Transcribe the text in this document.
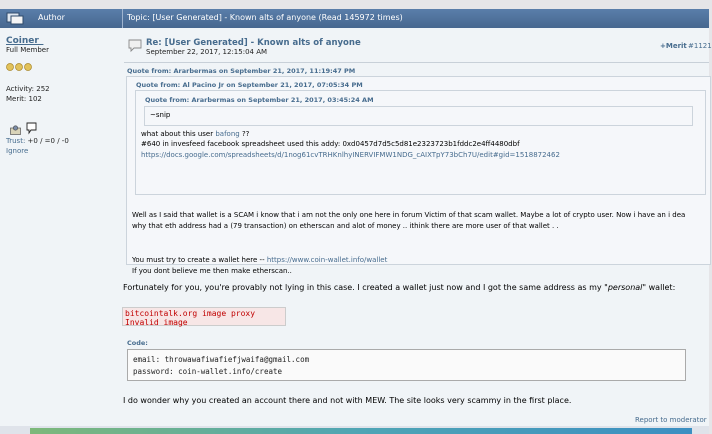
Author	Topic: [User Generated] - Known alts of anyone (Read 145972 times)
Coiner_
Full Member
Activity: 252
Merit: 102
Trust: +0 / =0 / -0
Ignore
Re: [User Generated] - Known alts of anyone
September 22, 2017, 12:15:04 AM
+Merit #1121
Quote from: Ararbermas on September 21, 2017, 11:19:47 PM
Quote from: Al Pacino Jr on September 21, 2017, 07:05:34 PM
Quote from: Ararbermas on September 21, 2017, 03:45:24 AM
~snip
what about this user bafong ??
#640 in invesfeed facebook spreadsheet used this addy: 0xd0457d7d5c5d81e2323723b1fddc2e4ff4480dbf
https://docs.google.com/spreadsheets/d/1nog61cvTRHKnlhyINERVIFMW1NDG_cAIXTpY73bCh7U/edit#gid=1518872462
Well as I said that wallet is a SCAM i know that i am not the only one here in forum Victim of that scam wallet. Maybe a lot of crypto user. Now i have an i dea
why that eth address had a (79 transaction) on etherscan and alot of money .. ithink there are more user of that wallet . .
You must try to create a wallet here -- https://www.coin-wallet.info/wallet
If you dont believe me then make etherscan..
Fortunately for you, you're provably not lying in this case. I created a wallet just now and I got the same address as my "personal" wallet:
bitcointalk.org image proxy
Invalid image
Code:
email: throwawafiwafiefjwaifa@gmail.com
password: coin-wallet.info/create
I do wonder why you created an account there and not with MEW. The site looks very scammy in the first place.
Report to moderator
